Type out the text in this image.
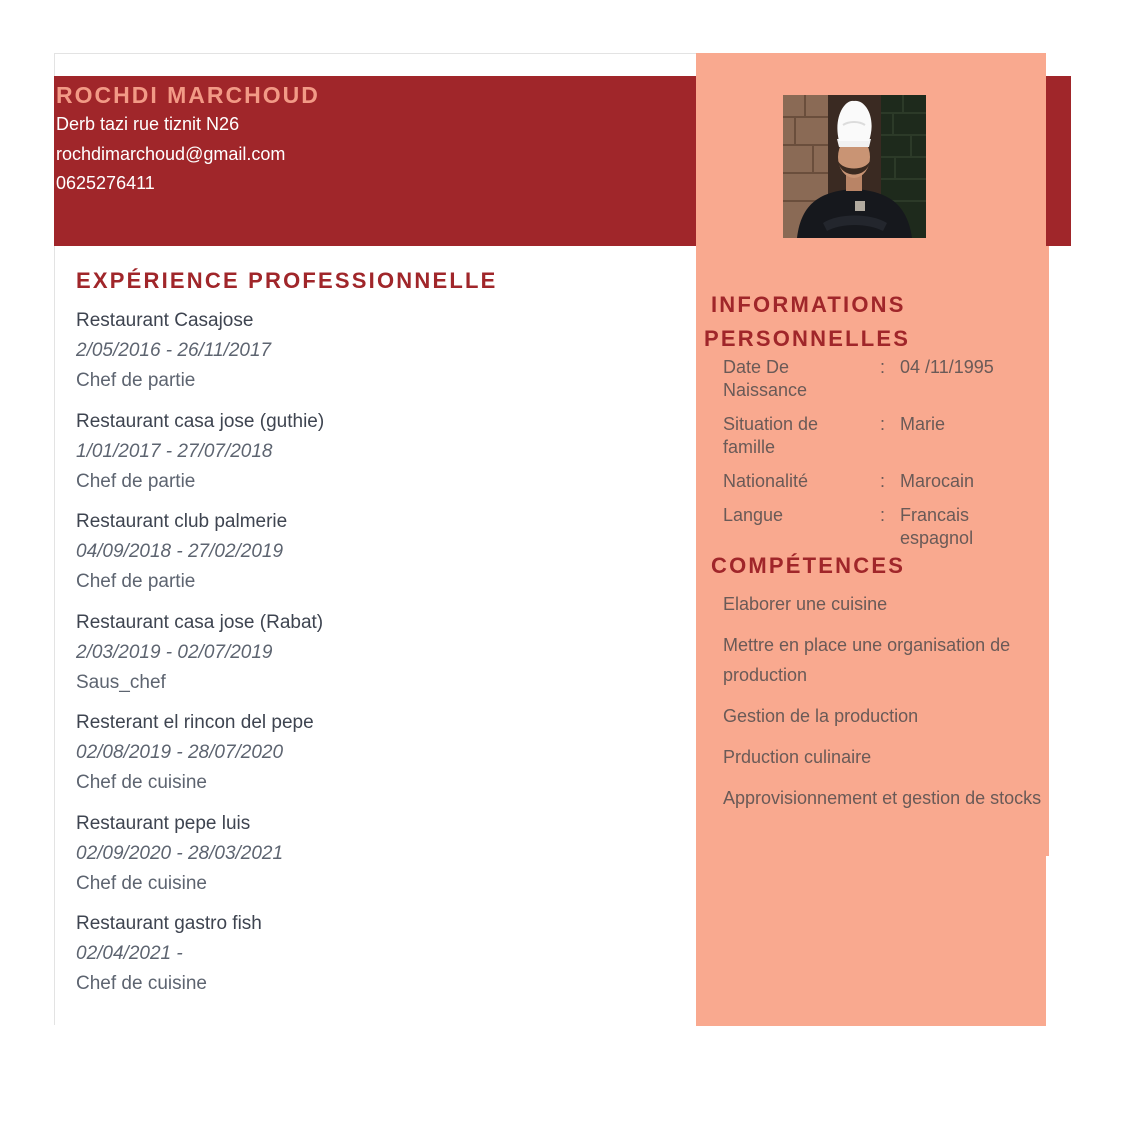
ROCHDI MARCHOUD
Derb tazi rue tiznit N26
rochdimarchoud@gmail.com
0625276411
EXPÉRIENCE PROFESSIONNELLE
Restaurant Casajose
2/05/2016 - 26/11/2017
Chef de partie
Restaurant casa jose (guthie)
1/01/2017 - 27/07/2018
Chef de partie
Restaurant club palmerie
04/09/2018 - 27/02/2019
Chef de partie
Restaurant casa jose (Rabat)
2/03/2019 - 02/07/2019
Saus_chef
Resterant el rincon del pepe
02/08/2019 - 28/07/2020
Chef de cuisine
Restaurant pepe luis
02/09/2020 - 28/03/2021
Chef de cuisine
Restaurant gastro fish
02/04/2021 -
Chef de cuisine
INFORMATIONS
PERSONNELLES
Date De Naissance
: 04 /11/1995
Situation de famille
: Marie
Nationalité	: Marocain
Langue	: Francais espagnol
COMPÉTENCES
Elaborer une cuisine
Mettre en place une organisation de production
Gestion de la production
Prduction culinaire
Approvisionnement et gestion de stocks
